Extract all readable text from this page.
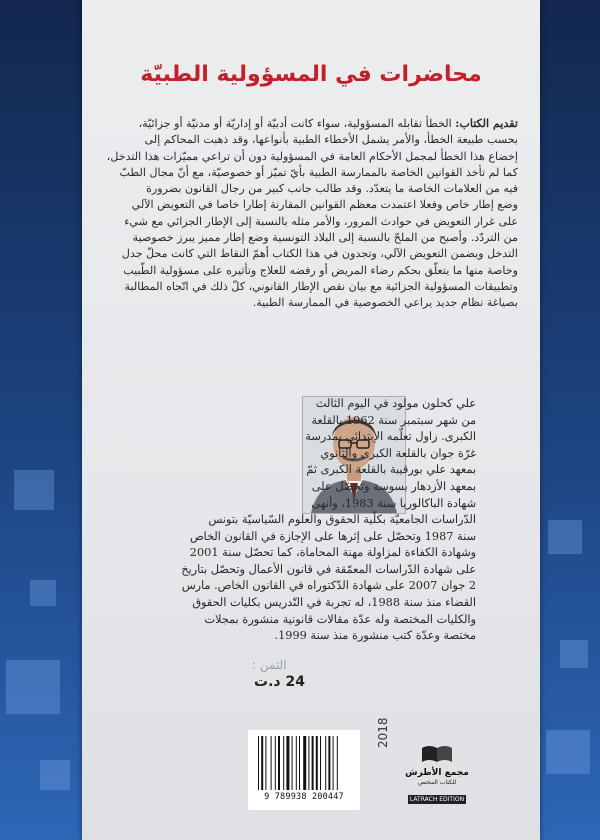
محاضرات في المسؤولية الطبيّة
تقديم الكتاب: الخطأ تقابله المسؤولية، سواء كانت أدبيّة أو إداريّة أو مدنيّة أو جزائيّة،
بحسب طبيعة الخطأ، والأمر يشمل الأخطاء الطبية بأنواعها، وقد ذهبت المحاكم إلى
إخضاع هذا الخطأ لمجمل الأحكام العامة في المسؤولية دون أن تراعي مميّزات هذا التدخل،
كما لم تأخذ القوانين الخاصة بالممارسة الطبية بأيّ تميّز أو خصوصيّة، مع أنّ مجال الطبّ
فيه من العلامات الخاصة ما يتعدّد. وقد طالب جانب كبير من رجال القانون بضرورة
وضع إطار خاص وفعلا اعتمدت معظم القوانين المقارنة إطارا خاصا في التعويض الآلي
على غرار التعويض في حوادث المرور، والأمر مثله بالنسبة إلى الإطار الجزائي مع شيء
من التردّد. وأصبح من الملحّ بالنسبة إلى البلاد التونسية وضع إطار مميز يبرز خصوصية
التدخل ويضمن التعويض الآلي، وتجدون في هذا الكتاب أهمّ النقاط التي كانت محلّ جدل
وخاصة منها ما يتعلّق بحكم رضاء المريض أو رفضه للعلاج وتأثيره على مسؤولية الطّبيب
وتطبيقات المسؤولية الجزائية مع بيان نقص الإطار القانوني، كلّ ذلك في اتّجاه المطالبة
بصياغة نظام جديد يراعي الخصوصية في الممارسة الطبية.
علي كحلون مولود في اليوم الثالث
من شهر سبتمبر سنة 1962 بالقلعة
الكبرى. زاول تعلّمه الإبتدائي بمدرسة
غرّة جوان بالقلعة الكبرى والثانوي
بمعهد علي بورقيبة بالقلعة الكبرى ثمّ
بمعهد الأزدهار بسوسة وتحصّل على
شهادة الباكالوريا سنة 1983، وأنهى
الدّراسات الجامعيّة بكلّية الحقوق والعلوم السّياسيّة بتونس
سنة 1987 وتحصّل على إثرها على الإجازة في القانون الخاص
وشهادة الكفاءة لمزاولة مهنة المحاماة، كما تحصّل سنة 2001
على شهادة الدّراسات المعمّقة في قانون الأعمال وتحصّل بتاريخ
2 جوان 2007 على شهادة الدّكتوراه في القانون الخاص. مارس
القضاء منذ سنة 1988، له تجربة في التّدريس بكليات الحقوق
والكليات المختصة وله عدّة مقالات قانونية منشورة بمجلات
مختصة وعدّة كتب منشورة منذ سنة 1999.
الثمن :
24 د.ت
9 789938 200447
2018
مجمع الأطرش
للكتاب المختص
LATRACH EDITION
